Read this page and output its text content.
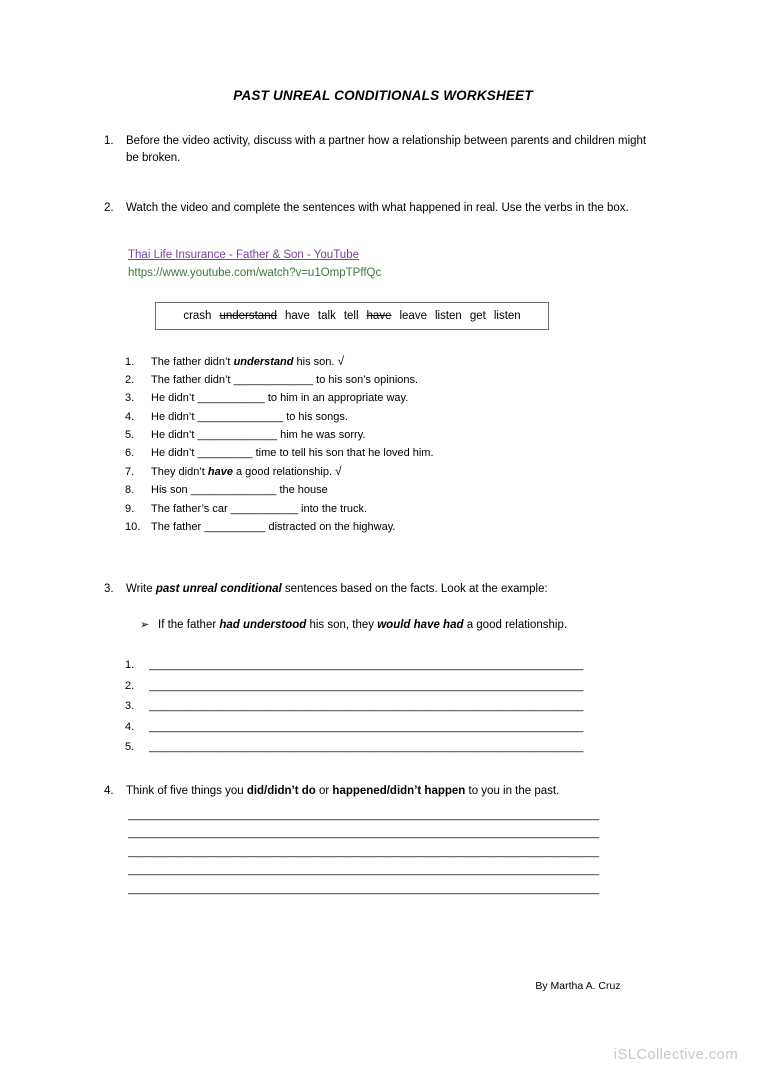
PAST UNREAL CONDITIONALS WORKSHEET
1.	Before the video activity, discuss with a partner how a relationship between parents and children might be broken.
2.	Watch the video and complete the sentences with what happened in real. Use the verbs in the box.
Thai Life Insurance - Father & Son - YouTube
https://www.youtube.com/watch?v=u1OmpTPffQc
crash understand have talk tell have leave listen get listen
1.	The father didn’t understand his son. √
2.	The father didn’t _____________ to his son’s opinions.
3.	He didn’t ___________ to him in an appropriate way.
4.	He didn’t ______________ to his songs.
5.	He didn’t _____________ him he was sorry.
6.	He didn’t _________ time to tell his son that he loved him.
7.	They didn’t have a good relationship. √
8.	His son ______________ the house
9.	The father’s car ___________ into the truck.
10. The father __________ distracted on the highway.
3.	Write past unreal conditional sentences based on the facts. Look at the example:
➢ If the father had understood his son, they would have had a good relationship.
1.	_______________________________________________________________________
2.	_______________________________________________________________________
3.	_______________________________________________________________________
4.	_______________________________________________________________________
5.	_______________________________________________________________________
4.	Think of five things you did/didn’t do or happened/didn’t happen to you in the past.
_____________________________________________________________________________
_____________________________________________________________________________
_____________________________________________________________________________
_____________________________________________________________________________
_____________________________________________________________________________
By Martha A. Cruz
iSLCollective.com
